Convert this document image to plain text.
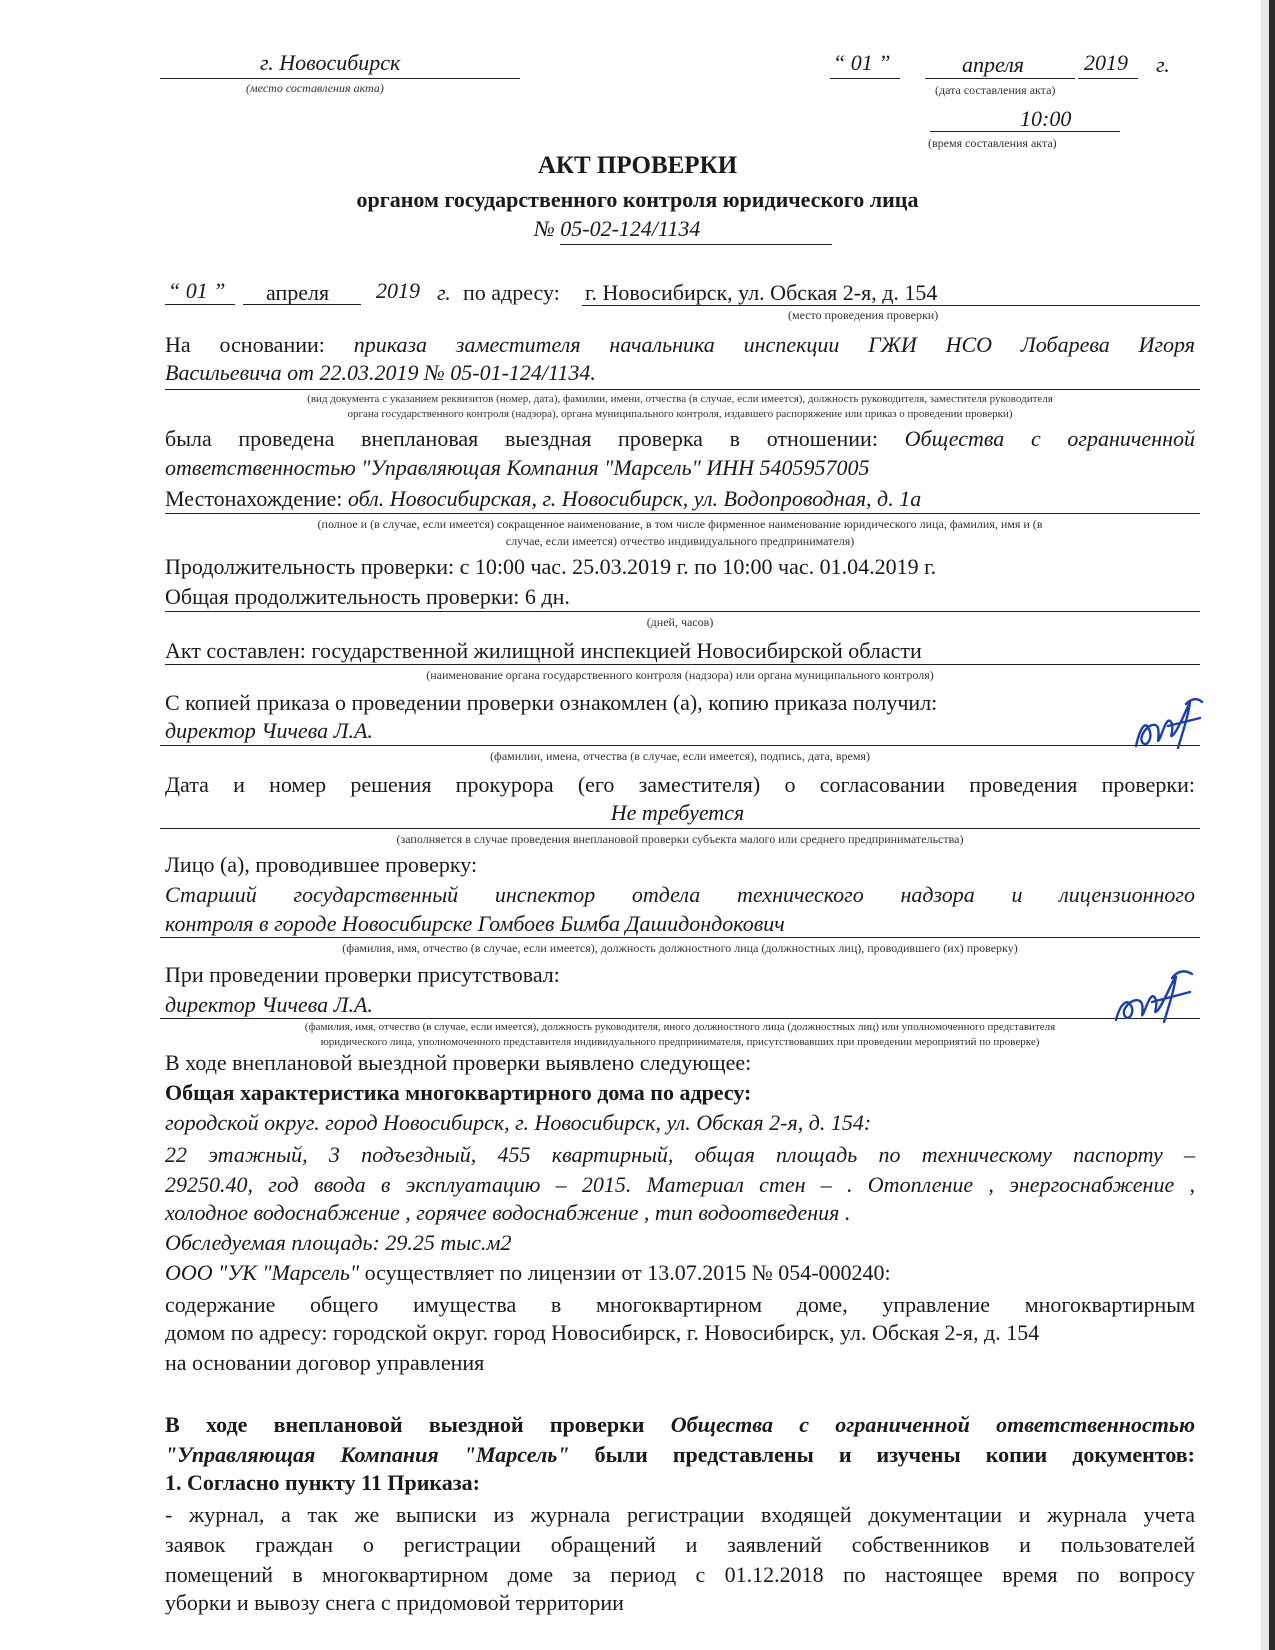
г. Новосибирск
(место составления акта)
“ 01 ”	апреля	2019 г.
(дата составления акта)
10:00
(время составления акта)
АКТ ПРОВЕРКИ
органом государственного контроля юридического лица
№ 05-02-124/1134
“ 01 ” апреля 2019 г. по адресу: г. Новосибирск, ул. Обская 2-я, д. 154
(место проведения проверки)
На основании: приказа заместителя начальника инспекции ГЖИ НСО Лобарева Игоря
Васильевича от 22.03.2019 № 05-01-124/1134.
(вид документа с указанием реквизитов (номер, дата), фамилии, имени, отчества (в случае, если имеется), должность руководителя, заместителя руководителя
органа государственного контроля (надзора), органа муниципального контроля, издавшего распоряжение или приказ о проведении проверки)
была проведена внеплановая выездная проверка в отношении: Общества с ограниченной
ответственностью "Управляющая Компания "Марсель" ИНН 5405957005
Местонахождение: обл. Новосибирская, г. Новосибирск, ул. Водопроводная, д. 1а
(полное и (в случае, если имеется) сокращенное наименование, в том числе фирменное наименование юридического лица, фамилия, имя и (в
случае, если имеется) отчество индивидуального предпринимателя)
Продолжительность проверки: с 10:00 час. 25.03.2019 г. по 10:00 час. 01.04.2019 г.
Общая продолжительность проверки: 6 дн.
(дней, часов)
Акт составлен: государственной жилищной инспекцией Новосибирской области
(наименование органа государственного контроля (надзора) или органа муниципального контроля)
С копией приказа о проведении проверки ознакомлен (а), копию приказа получил:
директор Чичева Л.А.
(фамилии, имена, отчества (в случае, если имеется), подпись, дата, время)
Дата и номер решения прокурора (его заместителя) о согласовании проведения проверки:
Не требуется
(заполняется в случае проведения внеплановой проверки субъекта малого или среднего предпринимательства)
Лицо (а), проводившее проверку:
Старший государственный инспектор отдела технического надзора и лицензионного
контроля в городе Новосибирске Гомбоев Бимба Дашидондокович
(фамилия, имя, отчество (в случае, если имеется), должность должностного лица (должностных лиц), проводившего (их) проверку)
При проведении проверки присутствовал:
директор Чичева Л.А.
(фамилия, имя, отчество (в случае, если имеется), должность руководителя, иного должностного лица (должностных лиц) или уполномоченного представителя
юридического лица, уполномоченного представителя индивидуального предпринимателя, присутствовавших при проведении мероприятий по проверке)
В ходе внеплановой выездной проверки выявлено следующее:
Общая характеристика многоквартирного дома по адресу:
городской округ. город Новосибирск, г. Новосибирск, ул. Обская 2-я, д. 154:
22 этажный, 3 подъездный, 455 квартирный, общая площадь по техническому паспорту –
29250.40, год ввода в эксплуатацию – 2015. Материал стен – . Отопление , энергоснабжение ,
холодное водоснабжение , горячее водоснабжение , тип водоотведения .
Обследуемая площадь: 29.25 тыс.м2
ООО "УК "Марсель" осуществляет по лицензии от 13.07.2015 № 054-000240:
содержание общего имущества в многоквартирном доме, управление многоквартирным
домом по адресу: городской округ. город Новосибирск, г. Новосибирск, ул. Обская 2-я, д. 154
на основании договор управления
В ходе внеплановой выездной проверки Общества с ограниченной ответственностью
"Управляющая Компания "Марсель" были представлены и изучены копии документов:
1. Согласно пункту 11 Приказа:
- журнал, а так же выписки из журнала регистрации входящей документации и журнала учета
заявок граждан о регистрации обращений и заявлений собственников и пользователей
помещений в многоквартирном доме за период с 01.12.2018 по настоящее время по вопросу
уборки и вывозу снега с придомовой территории
